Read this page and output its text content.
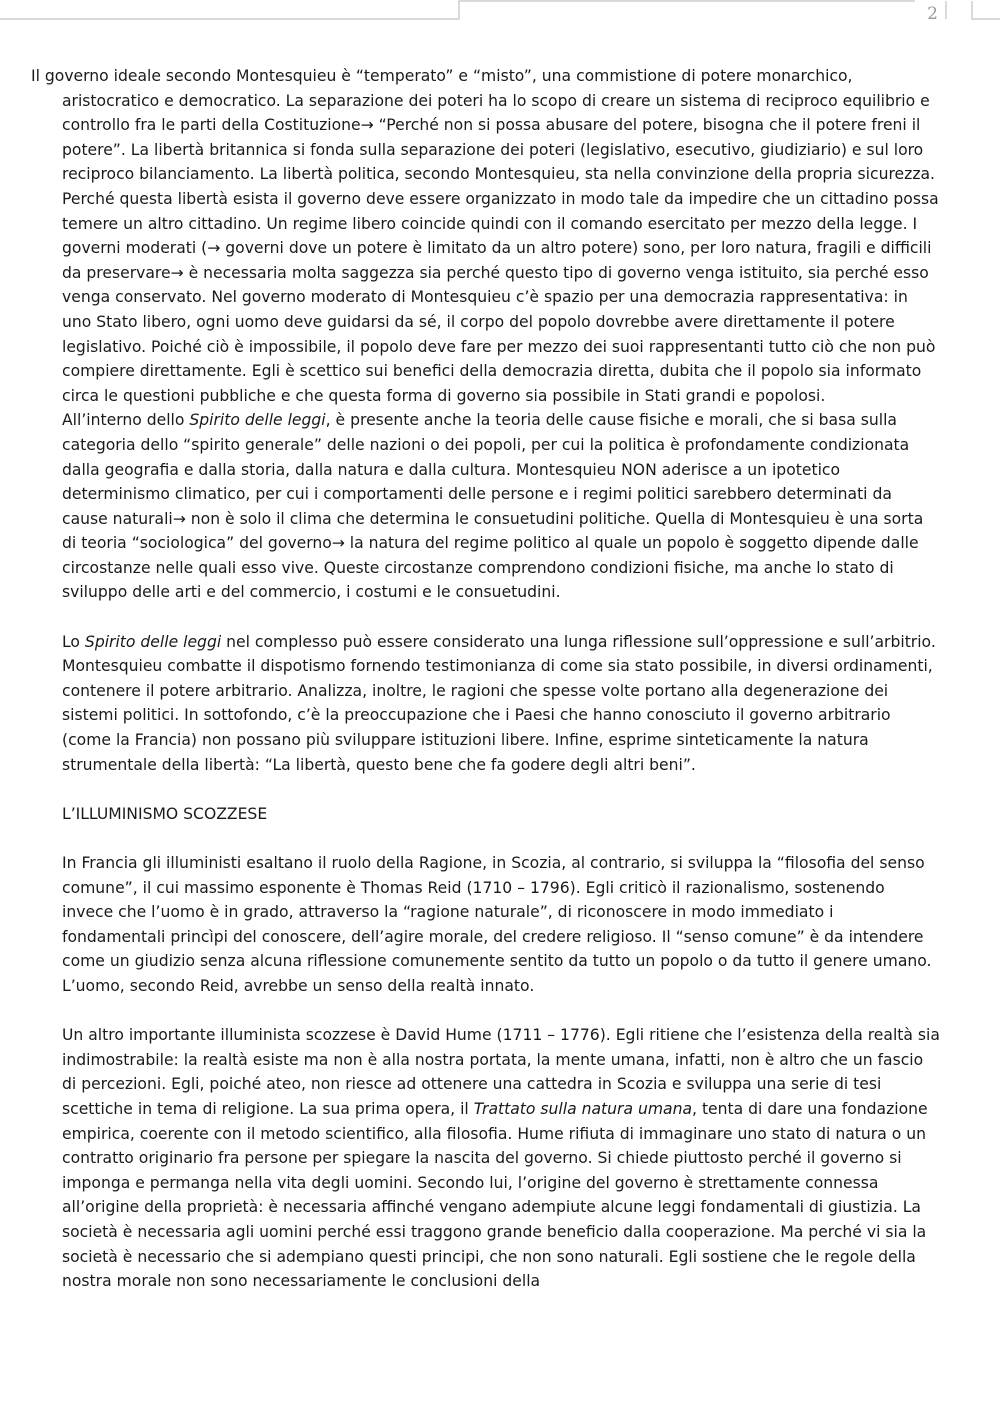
2

Il governo ideale secondo Montesquieu è “temperato” e “misto”, una commistione di potere monarchico, aristocratico e democratico. La separazione dei poteri ha lo scopo di creare un sistema di reciproco equilibrio e controllo fra le parti della Costituzione→ “Perché non si possa abusare del potere, bisogna che il potere freni il potere”. La libertà britannica si fonda sulla separazione dei poteri (legislativo, esecutivo, giudiziario) e sul loro reciproco bilanciamento. La libertà politica, secondo Montesquieu, sta nella convinzione della propria sicurezza. Perché questa libertà esista il governo deve essere organizzato in modo tale da impedire che un cittadino possa temere un altro cittadino. Un regime libero coincide quindi con il comando esercitato per mezzo della legge. I governi moderati (→ governi dove un potere è limitato da un altro potere) sono, per loro natura, fragili e difficili da preservare→ è necessaria molta saggezza sia perché questo tipo di governo venga istituito, sia perché esso venga conservato. Nel governo moderato di Montesquieu c’è spazio per una democrazia rappresentativa: in uno Stato libero, ogni uomo deve guidarsi da sé, il corpo del popolo dovrebbe avere direttamente il potere legislativo. Poiché ciò è impossibile, il popolo deve fare per mezzo dei suoi rappresentanti tutto ciò che non può compiere direttamente. Egli è scettico sui benefici della democrazia diretta, dubita che il popolo sia informato circa le questioni pubbliche e che questa forma di governo sia possibile in Stati grandi e popolosi.

All’interno dello Spirito delle leggi, è presente anche la teoria delle cause fisiche e morali, che si basa sulla categoria dello “spirito generale” delle nazioni o dei popoli, per cui la politica è profondamente condizionata dalla geografia e dalla storia, dalla natura e dalla cultura. Montesquieu NON aderisce a un ipotetico determinismo climatico, per cui i comportamenti delle persone e i regimi politici sarebbero determinati da cause naturali→ non è solo il clima che determina le consuetudini politiche. Quella di Montesquieu è una sorta di teoria “sociologica” del governo→ la natura del regime politico al quale un popolo è soggetto dipende dalle circostanze nelle quali esso vive. Queste circostanze comprendono condizioni fisiche, ma anche lo stato di sviluppo delle arti e del commercio, i costumi e le consuetudini.

Lo Spirito delle leggi nel complesso può essere considerato una lunga riflessione sull’oppressione e sull’arbitrio. Montesquieu combatte il dispotismo fornendo testimonianza di come sia stato possibile, in diversi ordinamenti, contenere il potere arbitrario. Analizza, inoltre, le ragioni che spesse volte portano alla degenerazione dei sistemi politici. In sottofondo, c’è la preoccupazione che i Paesi che hanno conosciuto il governo arbitrario (come la Francia) non possano più sviluppare istituzioni libere. Infine, esprime sinteticamente la natura strumentale della libertà: “La libertà, questo bene che fa godere degli altri beni”.

L’ILLUMINISMO SCOZZESE

In Francia gli illuministi esaltano il ruolo della Ragione, in Scozia, al contrario, si sviluppa la “filosofia del senso comune”, il cui massimo esponente è Thomas Reid (1710 – 1796). Egli criticò il razionalismo, sostenendo invece che l’uomo è in grado, attraverso la “ragione naturale”, di riconoscere in modo immediato i fondamentali princìpi del conoscere, dell’agire morale, del credere religioso. Il “senso comune” è da intendere come un giudizio senza alcuna riflessione comunemente sentito da tutto un popolo o da tutto il genere umano. L’uomo, secondo Reid, avrebbe un senso della realtà innato.

Un altro importante illuminista scozzese è David Hume (1711 – 1776). Egli ritiene che l’esistenza della realtà sia indimostrabile: la realtà esiste ma non è alla nostra portata, la mente umana, infatti, non è altro che un fascio di percezioni. Egli, poiché ateo, non riesce ad ottenere una cattedra in Scozia e sviluppa una serie di tesi scettiche in tema di religione. La sua prima opera, il Trattato sulla natura umana, tenta di dare una fondazione empirica, coerente con il metodo scientifico, alla filosofia. Hume rifiuta di immaginare uno stato di natura o un contratto originario fra persone per spiegare la nascita del governo. Si chiede piuttosto perché il governo si imponga e permanga nella vita degli uomini. Secondo lui, l’origine del governo è strettamente connessa all’origine della proprietà: è necessaria affinché vengano adempiute alcune leggi fondamentali di giustizia. La società è necessaria agli uomini perché essi traggono grande beneficio dalla cooperazione. Ma perché vi sia la società è necessario che si adempiano questi principi, che non sono naturali. Egli sostiene che le regole della nostra morale non sono necessariamente le conclusioni della
